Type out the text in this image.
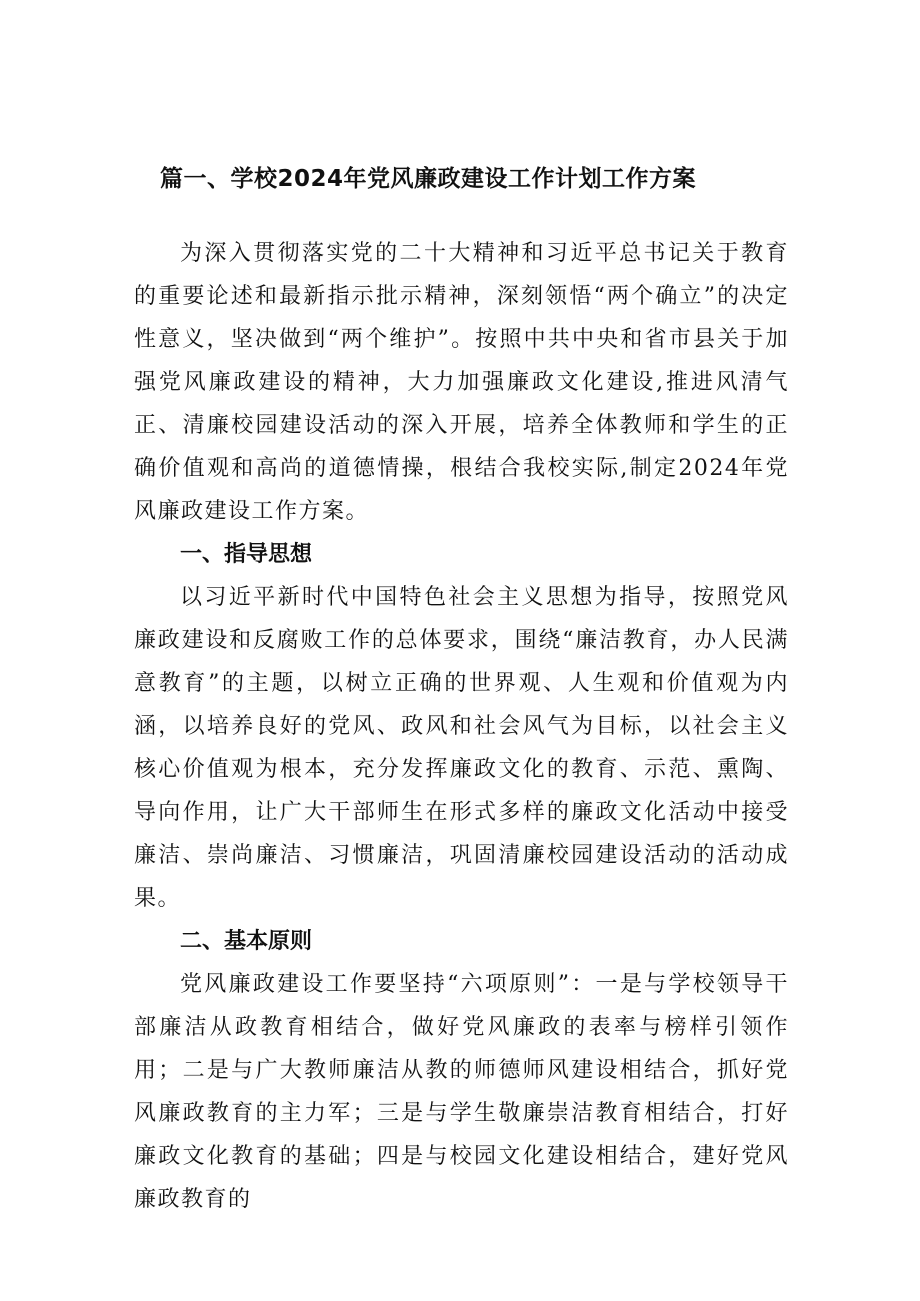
篇一、学校2024年党风廉政建设工作计划工作方案

为深入贯彻落实党的二十大精神和习近平总书记关于教育的重要论述和最新指示批示精神，深刻领悟“两个确立”的决定性意义，坚决做到“两个维护”。按照中共中央和省市县关于加强党风廉政建设的精神，大力加强廉政文化建设,推进风清气正、清廉校园建设活动的深入开展，培养全体教师和学生的正确价值观和高尚的道德情操，根结合我校实际,制定2024年党风廉政建设工作方案。

一、指导思想

以习近平新时代中国特色社会主义思想为指导，按照党风廉政建设和反腐败工作的总体要求，围绕“廉洁教育，办人民满意教育”的主题，以树立正确的世界观、人生观和价值观为内涵，以培养良好的党风、政风和社会风气为目标，以社会主义核心价值观为根本，充分发挥廉政文化的教育、示范、熏陶、导向作用，让广大干部师生在形式多样的廉政文化活动中接受廉洁、崇尚廉洁、习惯廉洁，巩固清廉校园建设活动的活动成果。

二、基本原则

党风廉政建设工作要坚持“六项原则”：一是与学校领导干部廉洁从政教育相结合，做好党风廉政的表率与榜样引领作用；二是与广大教师廉洁从教的师德师风建设相结合，抓好党风廉政教育的主力军；三是与学生敬廉崇洁教育相结合，打好廉政文化教育的基础；四是与校园文化建设相结合，建好党风廉政教育的
